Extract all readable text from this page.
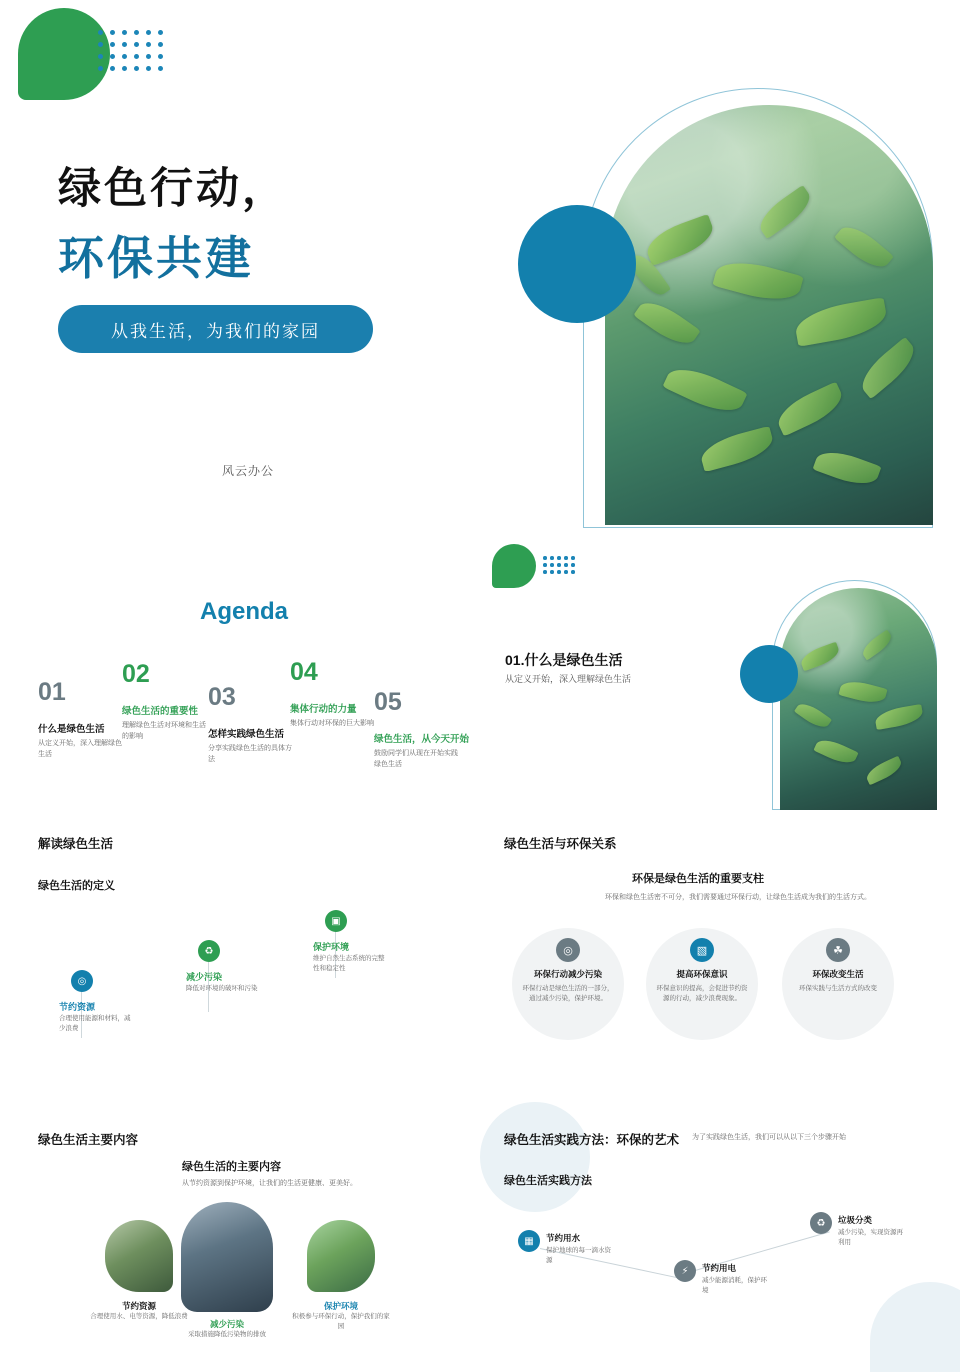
绿色行动，
环保共建
从我生活，为我们的家园
风云办公
Agenda
01
什么是绿色生活
从定义开始，深入理解绿色生活
02
绿色生活的重要性
理解绿色生活对环境和生活的影响
03
怎样实践绿色生活
分享实践绿色生活的具体方法
04
集体行动的力量
集体行动对环保的巨大影响
05
绿色生活，从今天开始
鼓励同学们从现在开始实践绿色生活
01.什么是绿色生活
从定义开始，深入理解绿色生活
解读绿色生活
绿色生活的定义
◎
节约资源
合理使用能源和材料，减少浪费
♻
减少污染
降低对环境的破坏和污染
▣
保护环境
维护自然生态系统的完整性和稳定性
绿色生活与环保关系
环保是绿色生活的重要支柱
环保和绿色生活密不可分，我们需要通过环保行动，让绿色生活成为我们的生活方式。
◎
环保行动减少污染
环保行动是绿色生活的一部分，通过减少污染，保护环境。
▧
提高环保意识
环保意识的提高，会促进节约资源的行动，减少浪费现象。
☘
环保改变生活
环保实践与生活方式的改变
绿色生活主要内容
绿色生活的主要内容
从节约资源到保护环境，让我们的生活更健康、更美好。
节约资源
合理使用水、电等资源，降低浪费
减少污染
采取措施降低污染物的排放
保护环境
积极参与环保行动，保护我们的家园
绿色生活实践方法：环保的艺术
绿色生活实践方法
为了实践绿色生活，我们可以从以下三个步骤开始
▦	节约用水
保护地球的每一滴水资源
⚡	节约用电
减少能源消耗，保护环境
♻	垃圾分类
减少污染，实现资源再利用
